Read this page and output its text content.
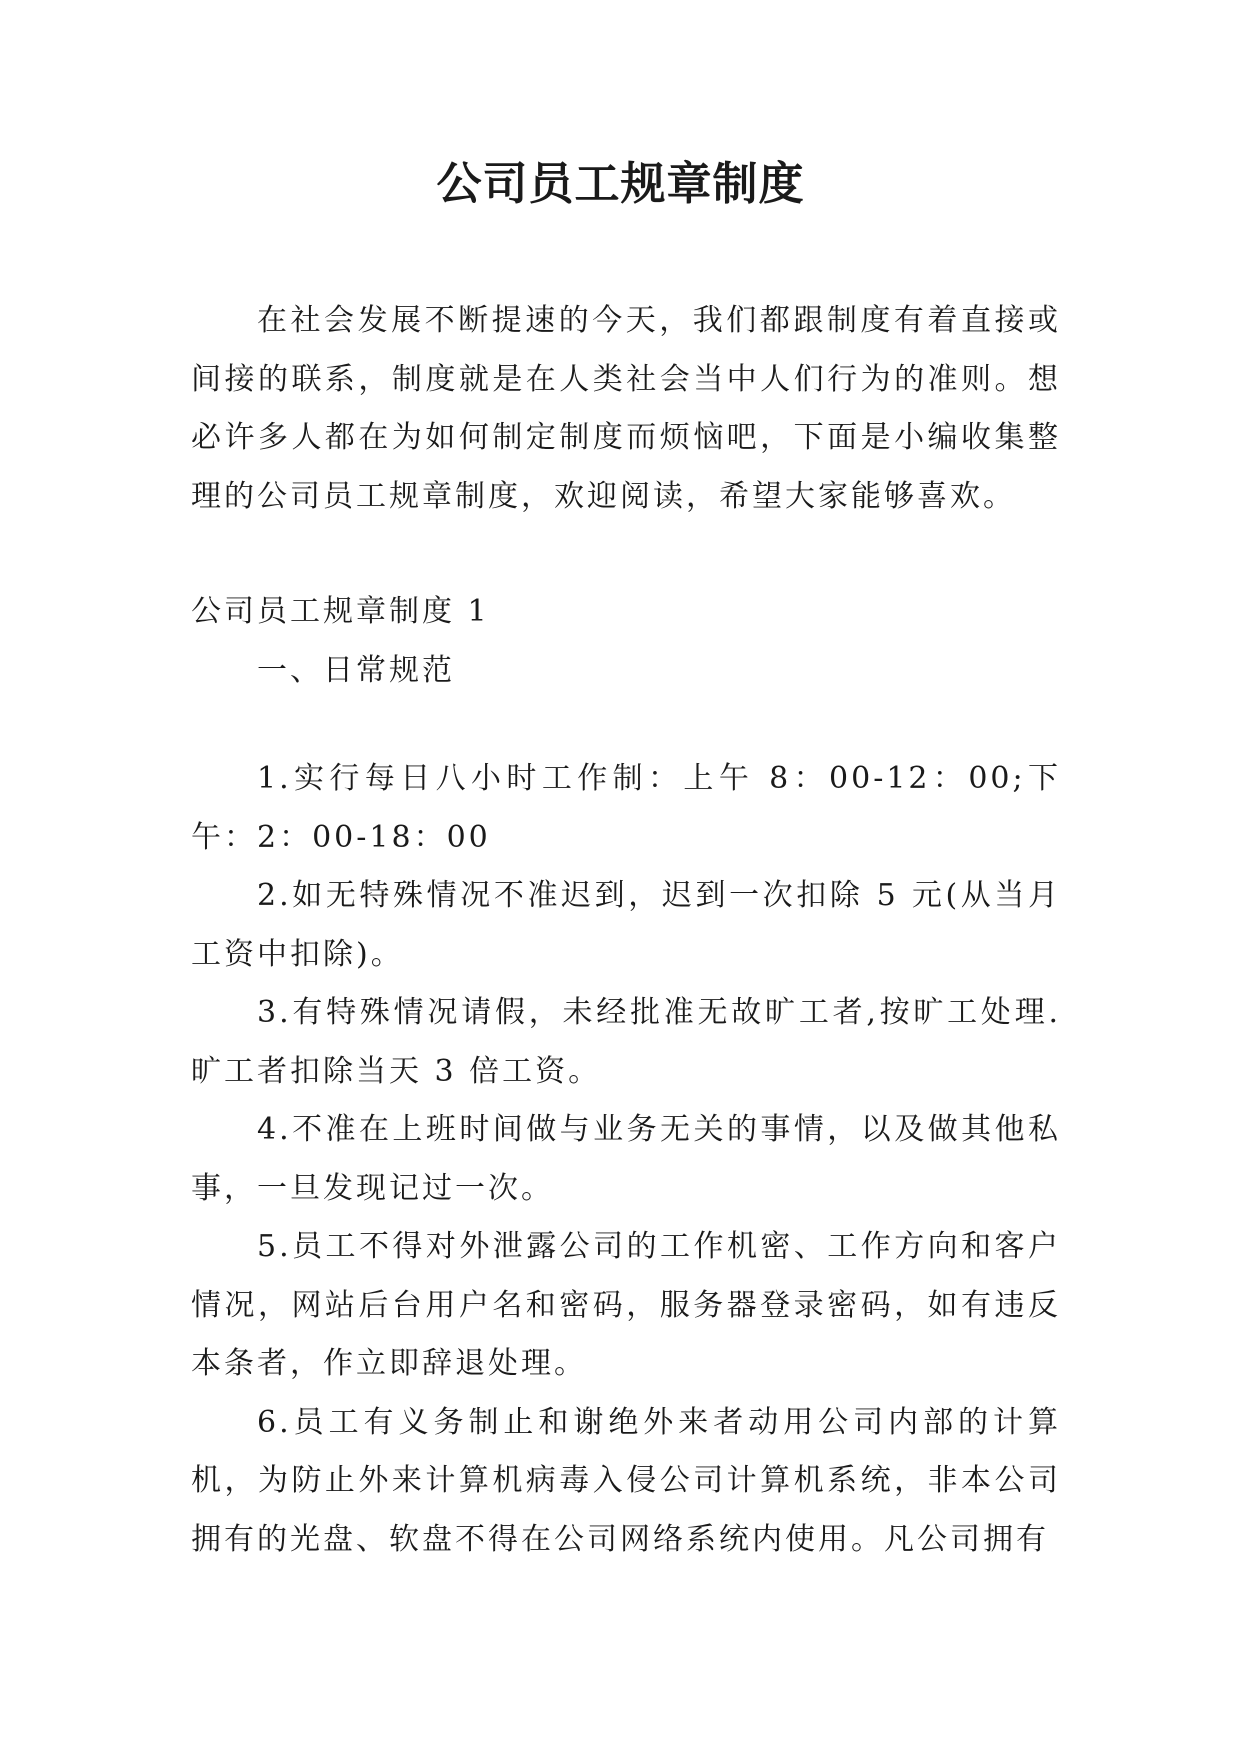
公司员工规章制度

在社会发展不断提速的今天，我们都跟制度有着直接或间接的联系，制度就是在人类社会当中人们行为的准则。想必许多人都在为如何制定制度而烦恼吧，下面是小编收集整理的公司员工规章制度，欢迎阅读，希望大家能够喜欢。

公司员工规章制度 1

一、日常规范

1.实行每日八小时工作制：上午 8：00-12：00;下午：2：00-18：00

2.如无特殊情况不准迟到，迟到一次扣除 5 元(从当月工资中扣除)。

3.有特殊情况请假，未经批准无故旷工者,按旷工处理.旷工者扣除当天 3 倍工资。

4.不准在上班时间做与业务无关的事情，以及做其他私事，一旦发现记过一次。

5.员工不得对外泄露公司的工作机密、工作方向和客户情况，网站后台用户名和密码，服务器登录密码，如有违反本条者，作立即辞退处理。

6.员工有义务制止和谢绝外来者动用公司内部的计算机，为防止外来计算机病毒入侵公司计算机系统，非本公司拥有的光盘、软盘不得在公司网络系统内使用。凡公司拥有
